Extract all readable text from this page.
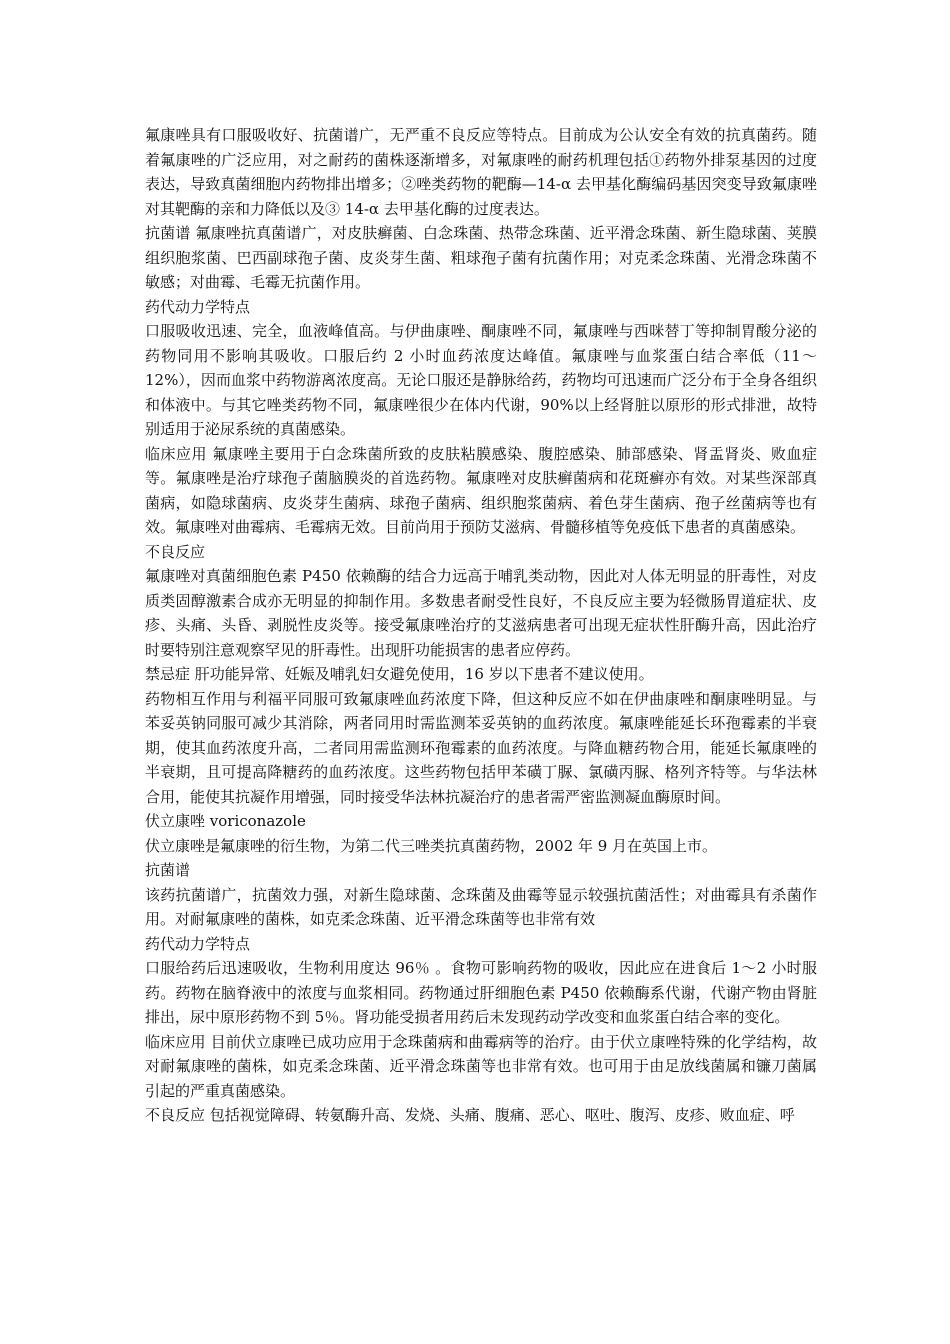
氟康唑具有口服吸收好、抗菌谱广，无严重不良反应等特点。目前成为公认安全有效的抗真菌药。随着氟康唑的广泛应用，对之耐药的菌株逐渐增多，对氟康唑的耐药机理包括①药物外排泵基因的过度表达，导致真菌细胞内药物排出增多；②唑类药物的靶酶—14-α 去甲基化酶编码基因突变导致氟康唑对其靶酶的亲和力降低以及③ 14-α 去甲基化酶的过度表达。

抗菌谱 氟康唑抗真菌谱广，对皮肤癣菌、白念珠菌、热带念珠菌、近平滑念珠菌、新生隐球菌、荚膜组织胞浆菌、巴西副球孢子菌、皮炎芽生菌、粗球孢子菌有抗菌作用；对克柔念珠菌、光滑念珠菌不敏感；对曲霉、毛霉无抗菌作用。

药代动力学特点

口服吸收迅速、完全，血液峰值高。与伊曲康唑、酮康唑不同，氟康唑与西咪替丁等抑制胃酸分泌的药物同用不影响其吸收。口服后约 2 小时血药浓度达峰值。氟康唑与血浆蛋白结合率低（11～12%），因而血浆中药物游离浓度高。无论口服还是静脉给药，药物均可迅速而广泛分布于全身各组织和体液中。与其它唑类药物不同，氟康唑很少在体内代谢，90%以上经肾脏以原形的形式排泄，故特别适用于泌尿系统的真菌感染。

临床应用 氟康唑主要用于白念珠菌所致的皮肤粘膜感染、腹腔感染、肺部感染、肾盂肾炎、败血症等。氟康唑是治疗球孢子菌脑膜炎的首选药物。氟康唑对皮肤癣菌病和花斑癣亦有效。对某些深部真菌病，如隐球菌病、皮炎芽生菌病、球孢子菌病、组织胞浆菌病、着色芽生菌病、孢子丝菌病等也有效。氟康唑对曲霉病、毛霉病无效。目前尚用于预防艾滋病、骨髓移植等免疫低下患者的真菌感染。

不良反应

氟康唑对真菌细胞色素 P450 依赖酶的结合力远高于哺乳类动物，因此对人体无明显的肝毒性，对皮质类固醇激素合成亦无明显的抑制作用。多数患者耐受性良好，不良反应主要为轻微肠胃道症状、皮疹、头痛、头昏、剥脱性皮炎等。接受氟康唑治疗的艾滋病患者可出现无症状性肝酶升高，因此治疗时要特别注意观察罕见的肝毒性。出现肝功能损害的患者应停药。

禁忌症 肝功能异常、妊娠及哺乳妇女避免使用，16 岁以下患者不建议使用。

药物相互作用与利福平同服可致氟康唑血药浓度下降，但这种反应不如在伊曲康唑和酮康唑明显。与苯妥英钠同服可减少其消除，两者同用时需监测苯妥英钠的血药浓度。氟康唑能延长环孢霉素的半衰期，使其血药浓度升高，二者同用需监测环孢霉素的血药浓度。与降血糖药物合用，能延长氟康唑的半衰期，且可提高降糖药的血药浓度。这些药物包括甲苯磺丁脲、氯磺丙脲、格列齐特等。与华法林合用，能使其抗凝作用增强，同时接受华法林抗凝治疗的患者需严密监测凝血酶原时间。

伏立康唑 voriconazole

伏立康唑是氟康唑的衍生物，为第二代三唑类抗真菌药物，2002 年 9 月在英国上市。

抗菌谱

该药抗菌谱广，抗菌效力强，对新生隐球菌、念珠菌及曲霉等显示较强抗菌活性；对曲霉具有杀菌作用。对耐氟康唑的菌株，如克柔念珠菌、近平滑念珠菌等也非常有效

药代动力学特点

口服给药后迅速吸收，生物利用度达 96％ 。食物可影响药物的吸收，因此应在进食后 1～2 小时服药。药物在脑脊液中的浓度与血浆相同。药物通过肝细胞色素 P450 依赖酶系代谢，代谢产物由肾脏排出，尿中原形药物不到 5％。肾功能受损者用药后未发现药动学改变和血浆蛋白结合率的变化。

临床应用 目前伏立康唑已成功应用于念珠菌病和曲霉病等的治疗。由于伏立康唑特殊的化学结构，故对耐氟康唑的菌株，如克柔念珠菌、近平滑念珠菌等也非常有效。也可用于由足放线菌属和镰刀菌属引起的严重真菌感染。

不良反应 包括视觉障碍、转氨酶升高、发烧、头痛、腹痛、恶心、呕吐、腹泻、皮疹、败血症、呼
